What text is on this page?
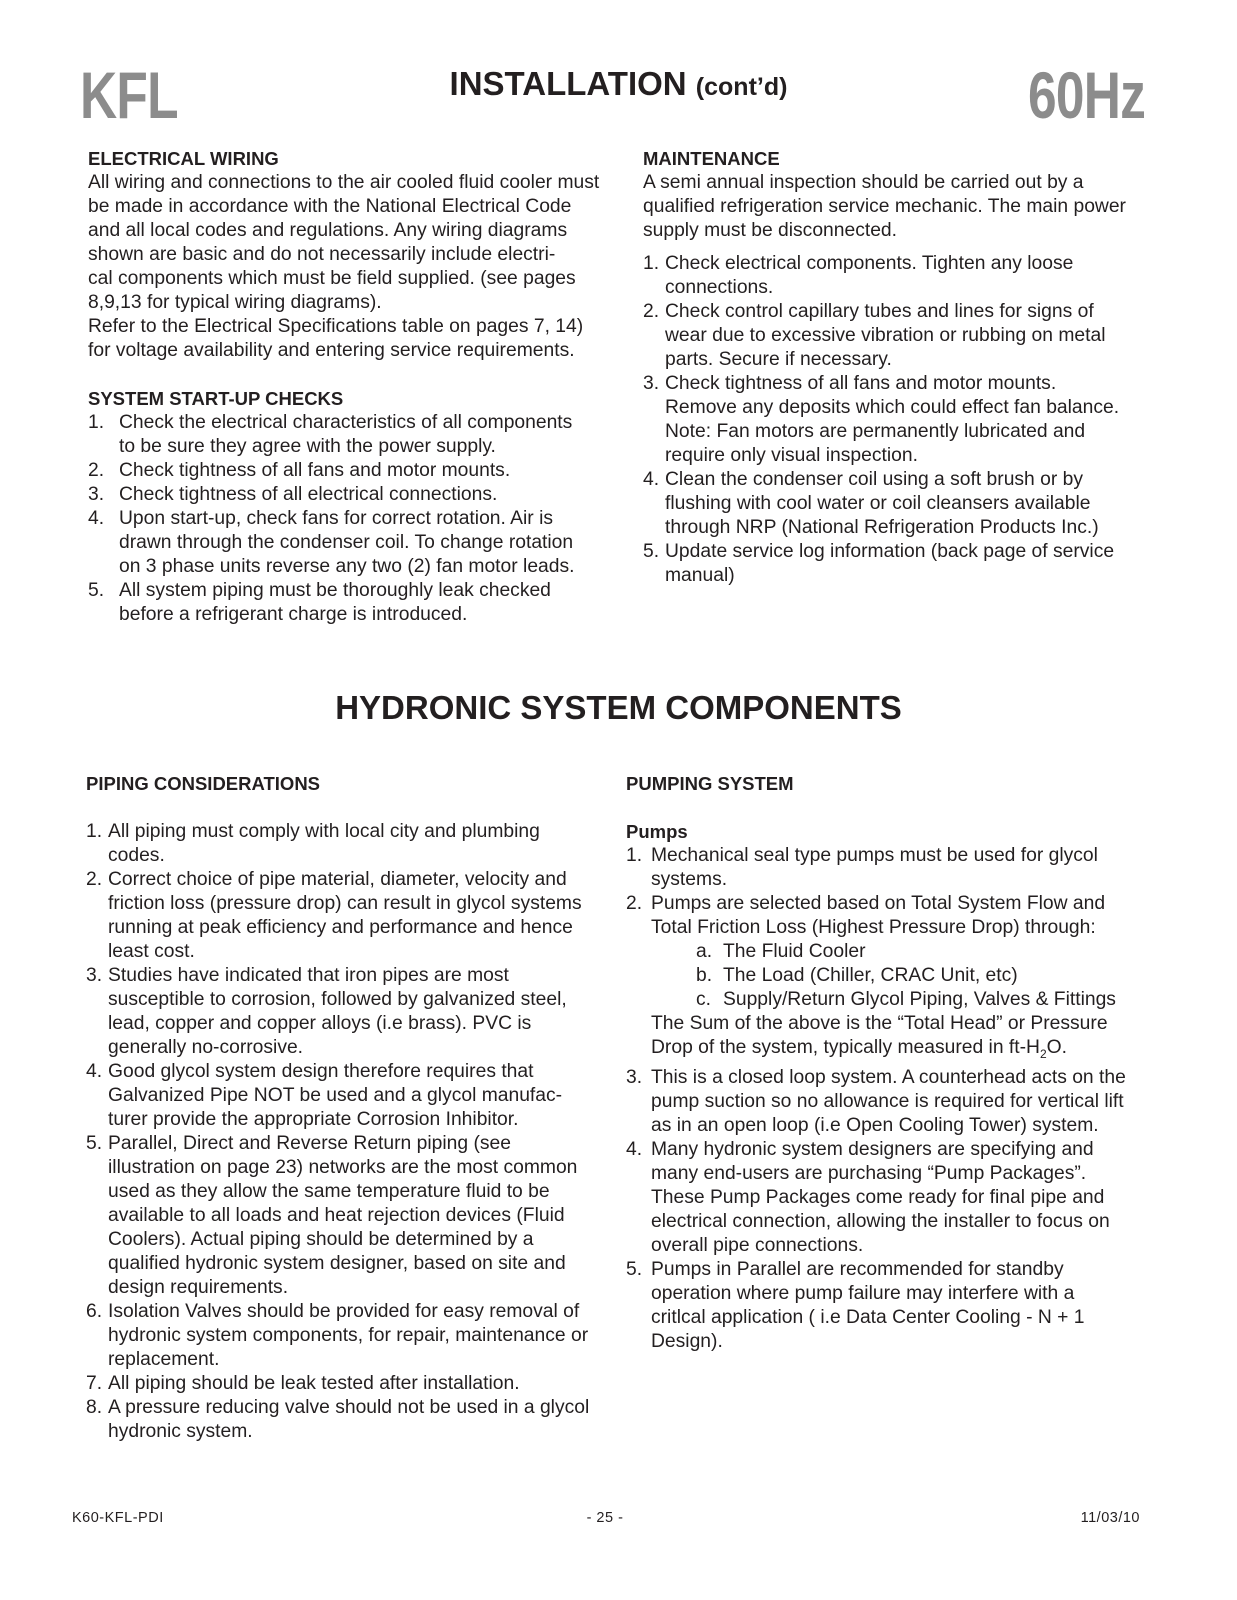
KFL	INSTALLATION (cont’d)	60Hz

ELECTRICAL WIRING

All wiring and connections to the air cooled fluid cooler must
be made in accordance with the National Electrical Code
and all local codes and regulations. Any wiring diagrams
shown are basic and do not necessarily include electri-
cal components which must be field supplied. (see pages
8,9,13 for typical wiring diagrams).
Refer to the Electrical Specifications table on pages 7, 14)
for voltage availability and entering service requirements.

SYSTEM START-UP CHECKS

1. Check the electrical characteristics of all components
to be sure they agree with the power supply.
2. Check tightness of all fans and motor mounts.
3. Check tightness of all electrical connections.
4. Upon start-up, check fans for correct rotation. Air is
drawn through the condenser coil. To change rotation
on 3 phase units reverse any two (2) fan motor leads.
5. All system piping must be thoroughly leak checked
before a refrigerant charge is introduced.

MAINTENANCE

A semi annual inspection should be carried out by a
qualified refrigeration service mechanic. The main power
supply must be disconnected.
1. Check electrical components. Tighten any loose
connections.
2. Check control capillary tubes and lines for signs of
wear due to excessive vibration or rubbing on metal
parts. Secure if necessary.
3. Check tightness of all fans and motor mounts.
Remove any deposits which could effect fan balance.
Note: Fan motors are permanently lubricated and
require only visual inspection.
4. Clean the condenser coil using a soft brush or by
flushing with cool water or coil cleansers available
through NRP (National Refrigeration Products Inc.)
5. Update service log information (back page of service
manual)
HYDRONIC SYSTEM COMPONENTS

PIPING CONSIDERATIONS

1. All piping must comply with local city and plumbing
codes.
2. Correct choice of pipe material, diameter, velocity and
friction loss (pressure drop) can result in glycol systems
running at peak efficiency and performance and hence
least cost.
3. Studies have indicated that iron pipes are most
susceptible to corrosion, followed by galvanized steel,
lead, copper and copper alloys (i.e brass). PVC is
generally no-corrosive.
4. Good glycol system design therefore requires that
Galvanized Pipe NOT be used and a glycol manufac-
turer provide the appropriate Corrosion Inhibitor.
5. Parallel, Direct and Reverse Return piping (see
illustration on page 23) networks are the most common
used as they allow the same temperature fluid to be
available to all loads and heat rejection devices (Fluid
Coolers). Actual piping should be determined by a
qualified hydronic system designer, based on site and
design requirements.
6. Isolation Valves should be provided for easy removal of
hydronic system components, for repair, maintenance or
replacement.
7. All piping should be leak tested after installation.
8. A pressure reducing valve should not be used in a glycol
hydronic system.

PUMPING SYSTEM

Pumps

1. Mechanical seal type pumps must be used for glycol
systems.
2. Pumps are selected based on Total System Flow and
Total Friction Loss (Highest Pressure Drop) through:
a. The Fluid Cooler
b. The Load (Chiller, CRAC Unit, etc)
c. Supply/Return Glycol Piping, Valves & Fittings
The Sum of the above is the “Total Head” or Pressure
Drop of the system, typically measured in $ft-H_2O$.
3. This is a closed loop system. A counterhead acts on the
pump suction so no allowance is required for vertical lift
as in an open loop (i.e Open Cooling Tower) system.
4. Many hydronic system designers are specifying and
many end-users are purchasing “Pump Packages”.
These Pump Packages come ready for final pipe and
electrical connection, allowing the installer to focus on
overall pipe connections.
5. Pumps in Parallel are recommended for standby
operation where pump failure may interfere with a
critlcal application ( i.e Data Center Cooling - N + 1
Design).
K60-KFL-PDI	- 25 -	11/03/10
